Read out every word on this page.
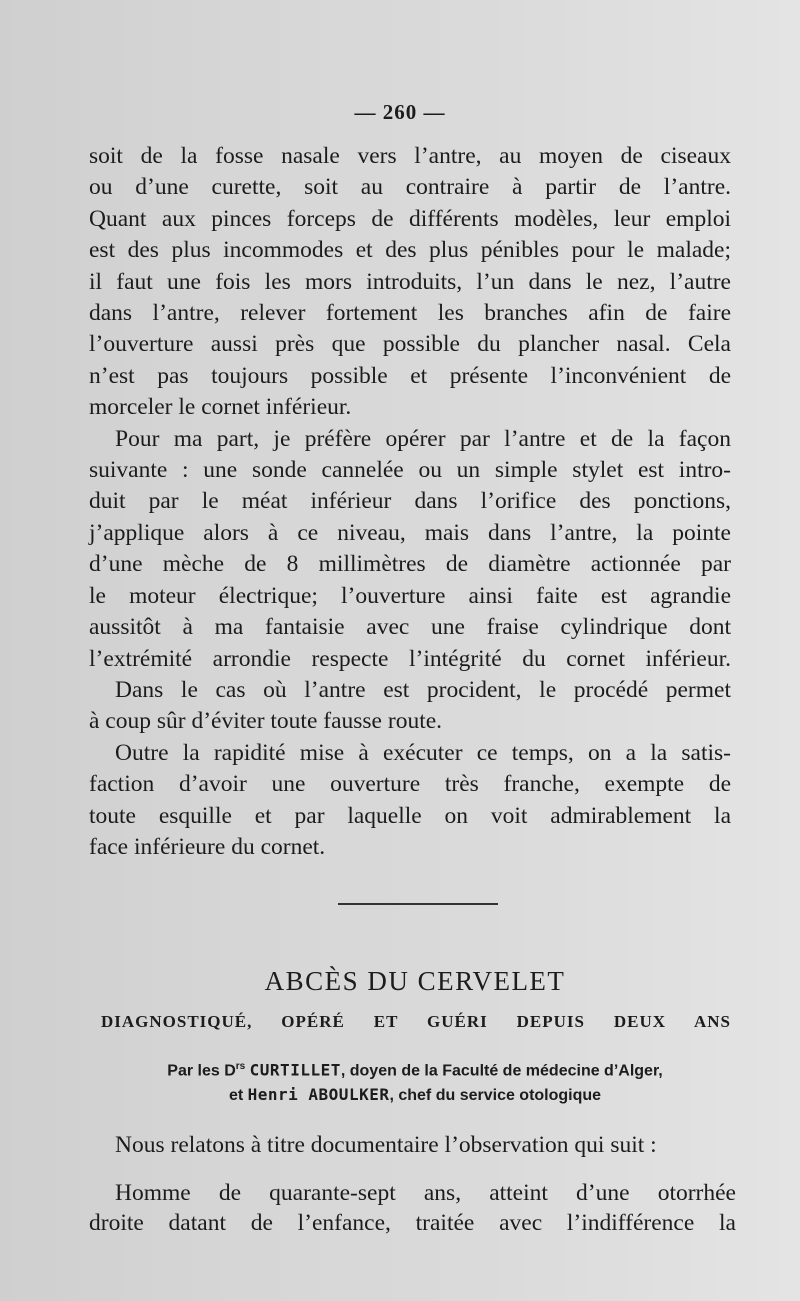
— 260 —

soit de la fosse nasale vers l’antre, au moyen de ciseaux
ou d’une curette, soit au contraire à partir de l’antre.
Quant aux pinces forceps de différents modèles, leur emploi
est des plus incommodes et des plus pénibles pour le malade;
il faut une fois les mors introduits, l’un dans le nez, l’autre
dans l’antre, relever fortement les branches afin de faire
l’ouverture aussi près que possible du plancher nasal. Cela
n’est pas toujours possible et présente l’inconvénient de
morceler le cornet inférieur.

Pour ma part, je préfère opérer par l’antre et de la façon
suivante : une sonde cannelée ou un simple stylet est intro-
duit par le méat inférieur dans l’orifice des ponctions,
j’applique alors à ce niveau, mais dans l’antre, la pointe
d’une mèche de 8 millimètres de diamètre actionnée par
le moteur électrique; l’ouverture ainsi faite est agrandie
aussitôt à ma fantaisie avec une fraise cylindrique dont
l’extrémité arrondie respecte l’intégrité du cornet inférieur.

Dans le cas où l’antre est procident, le procédé permet
à coup sûr d’éviter toute fausse route.

Outre la rapidité mise à exécuter ce temps, on a la satis-
faction d’avoir une ouverture très franche, exempte de
toute esquille et par laquelle on voit admirablement la
face inférieure du cornet.

ABCÈS DU CERVELET
DIAGNOSTIQUÉ, OPÉRÉ ET GUÉRI DEPUIS DEUX ANS
Par les $D^{rs}$ CURTILLET, doyen de la Faculté de médecine d’Alger,
et Henri ABOULKER, chef du service otologique
Nous relatons à titre documentaire l’observation qui suit :
Homme de quarante-sept ans, atteint d’une otorrhée
droite datant de l’enfance, traitée avec l’indifférence la
